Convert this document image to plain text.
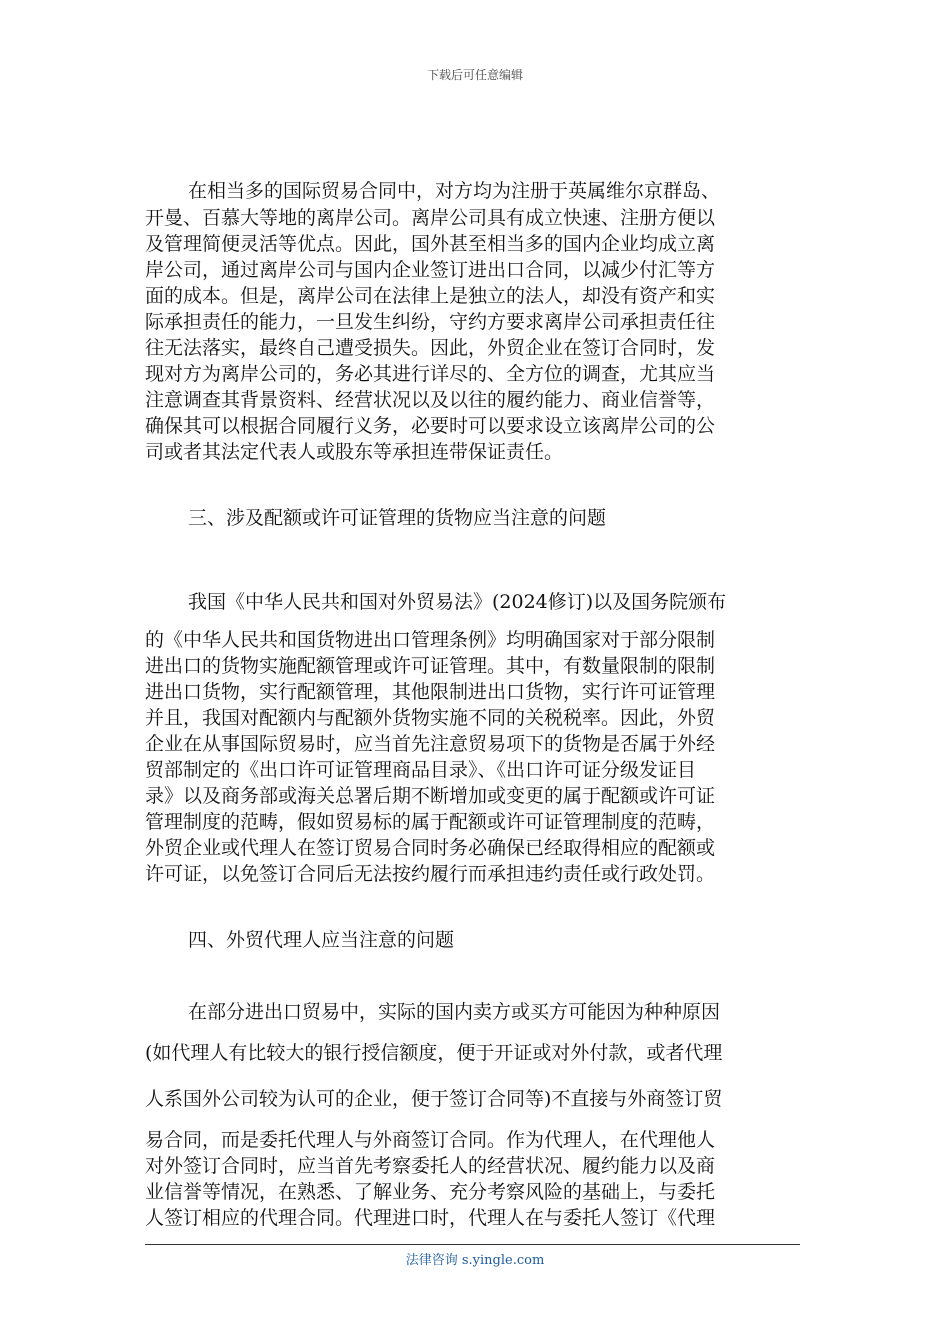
下载后可任意编辑
在相当多的国际贸易合同中，对方均为注册于英属维尔京群岛、
开曼、百慕大等地的离岸公司。离岸公司具有成立快速、注册方便以
及管理简便灵活等优点。因此，国外甚至相当多的国内企业均成立离
岸公司，通过离岸公司与国内企业签订进出口合同，以减少付汇等方
面的成本。但是，离岸公司在法律上是独立的法人，却没有资产和实
际承担责任的能力，一旦发生纠纷，守约方要求离岸公司承担责任往
往无法落实，最终自己遭受损失。因此，外贸企业在签订合同时，发
现对方为离岸公司的，务必其进行详尽的、全方位的调查，尤其应当
注意调查其背景资料、经营状况以及以往的履约能力、商业信誉等，
确保其可以根据合同履行义务，必要时可以要求设立该离岸公司的公
司或者其法定代表人或股东等承担连带保证责任。
三、涉及配额或许可证管理的货物应当注意的问题
我国《中华人民共和国对外贸易法》(2024修订)以及国务院颁布
的《中华人民共和国货物进出口管理条例》均明确国家对于部分限制
进出口的货物实施配额管理或许可证管理。其中，有数量限制的限制
进出口货物，实行配额管理，其他限制进出口货物，实行许可证管理
并且，我国对配额内与配额外货物实施不同的关税税率。因此，外贸
企业在从事国际贸易时，应当首先注意贸易项下的货物是否属于外经
贸部制定的《出口许可证管理商品目录》、《出口许可证分级发证目
录》以及商务部或海关总署后期不断增加或变更的属于配额或许可证
管理制度的范畴，假如贸易标的属于配额或许可证管理制度的范畴，
外贸企业或代理人在签订贸易合同时务必确保已经取得相应的配额或
许可证，以免签订合同后无法按约履行而承担违约责任或行政处罚。
四、外贸代理人应当注意的问题
在部分进出口贸易中，实际的国内卖方或买方可能因为种种原因
(如代理人有比较大的银行授信额度，便于开证或对外付款，或者代理
人系国外公司较为认可的企业，便于签订合同等)不直接与外商签订贸
易合同，而是委托代理人与外商签订合同。作为代理人，在代理他人
对外签订合同时，应当首先考察委托人的经营状况、履约能力以及商
业信誉等情况，在熟悉、了解业务、充分考察风险的基础上，与委托
人签订相应的代理合同。代理进口时，代理人在与委托人签订《代理
法律咨询 s.yingle.com
